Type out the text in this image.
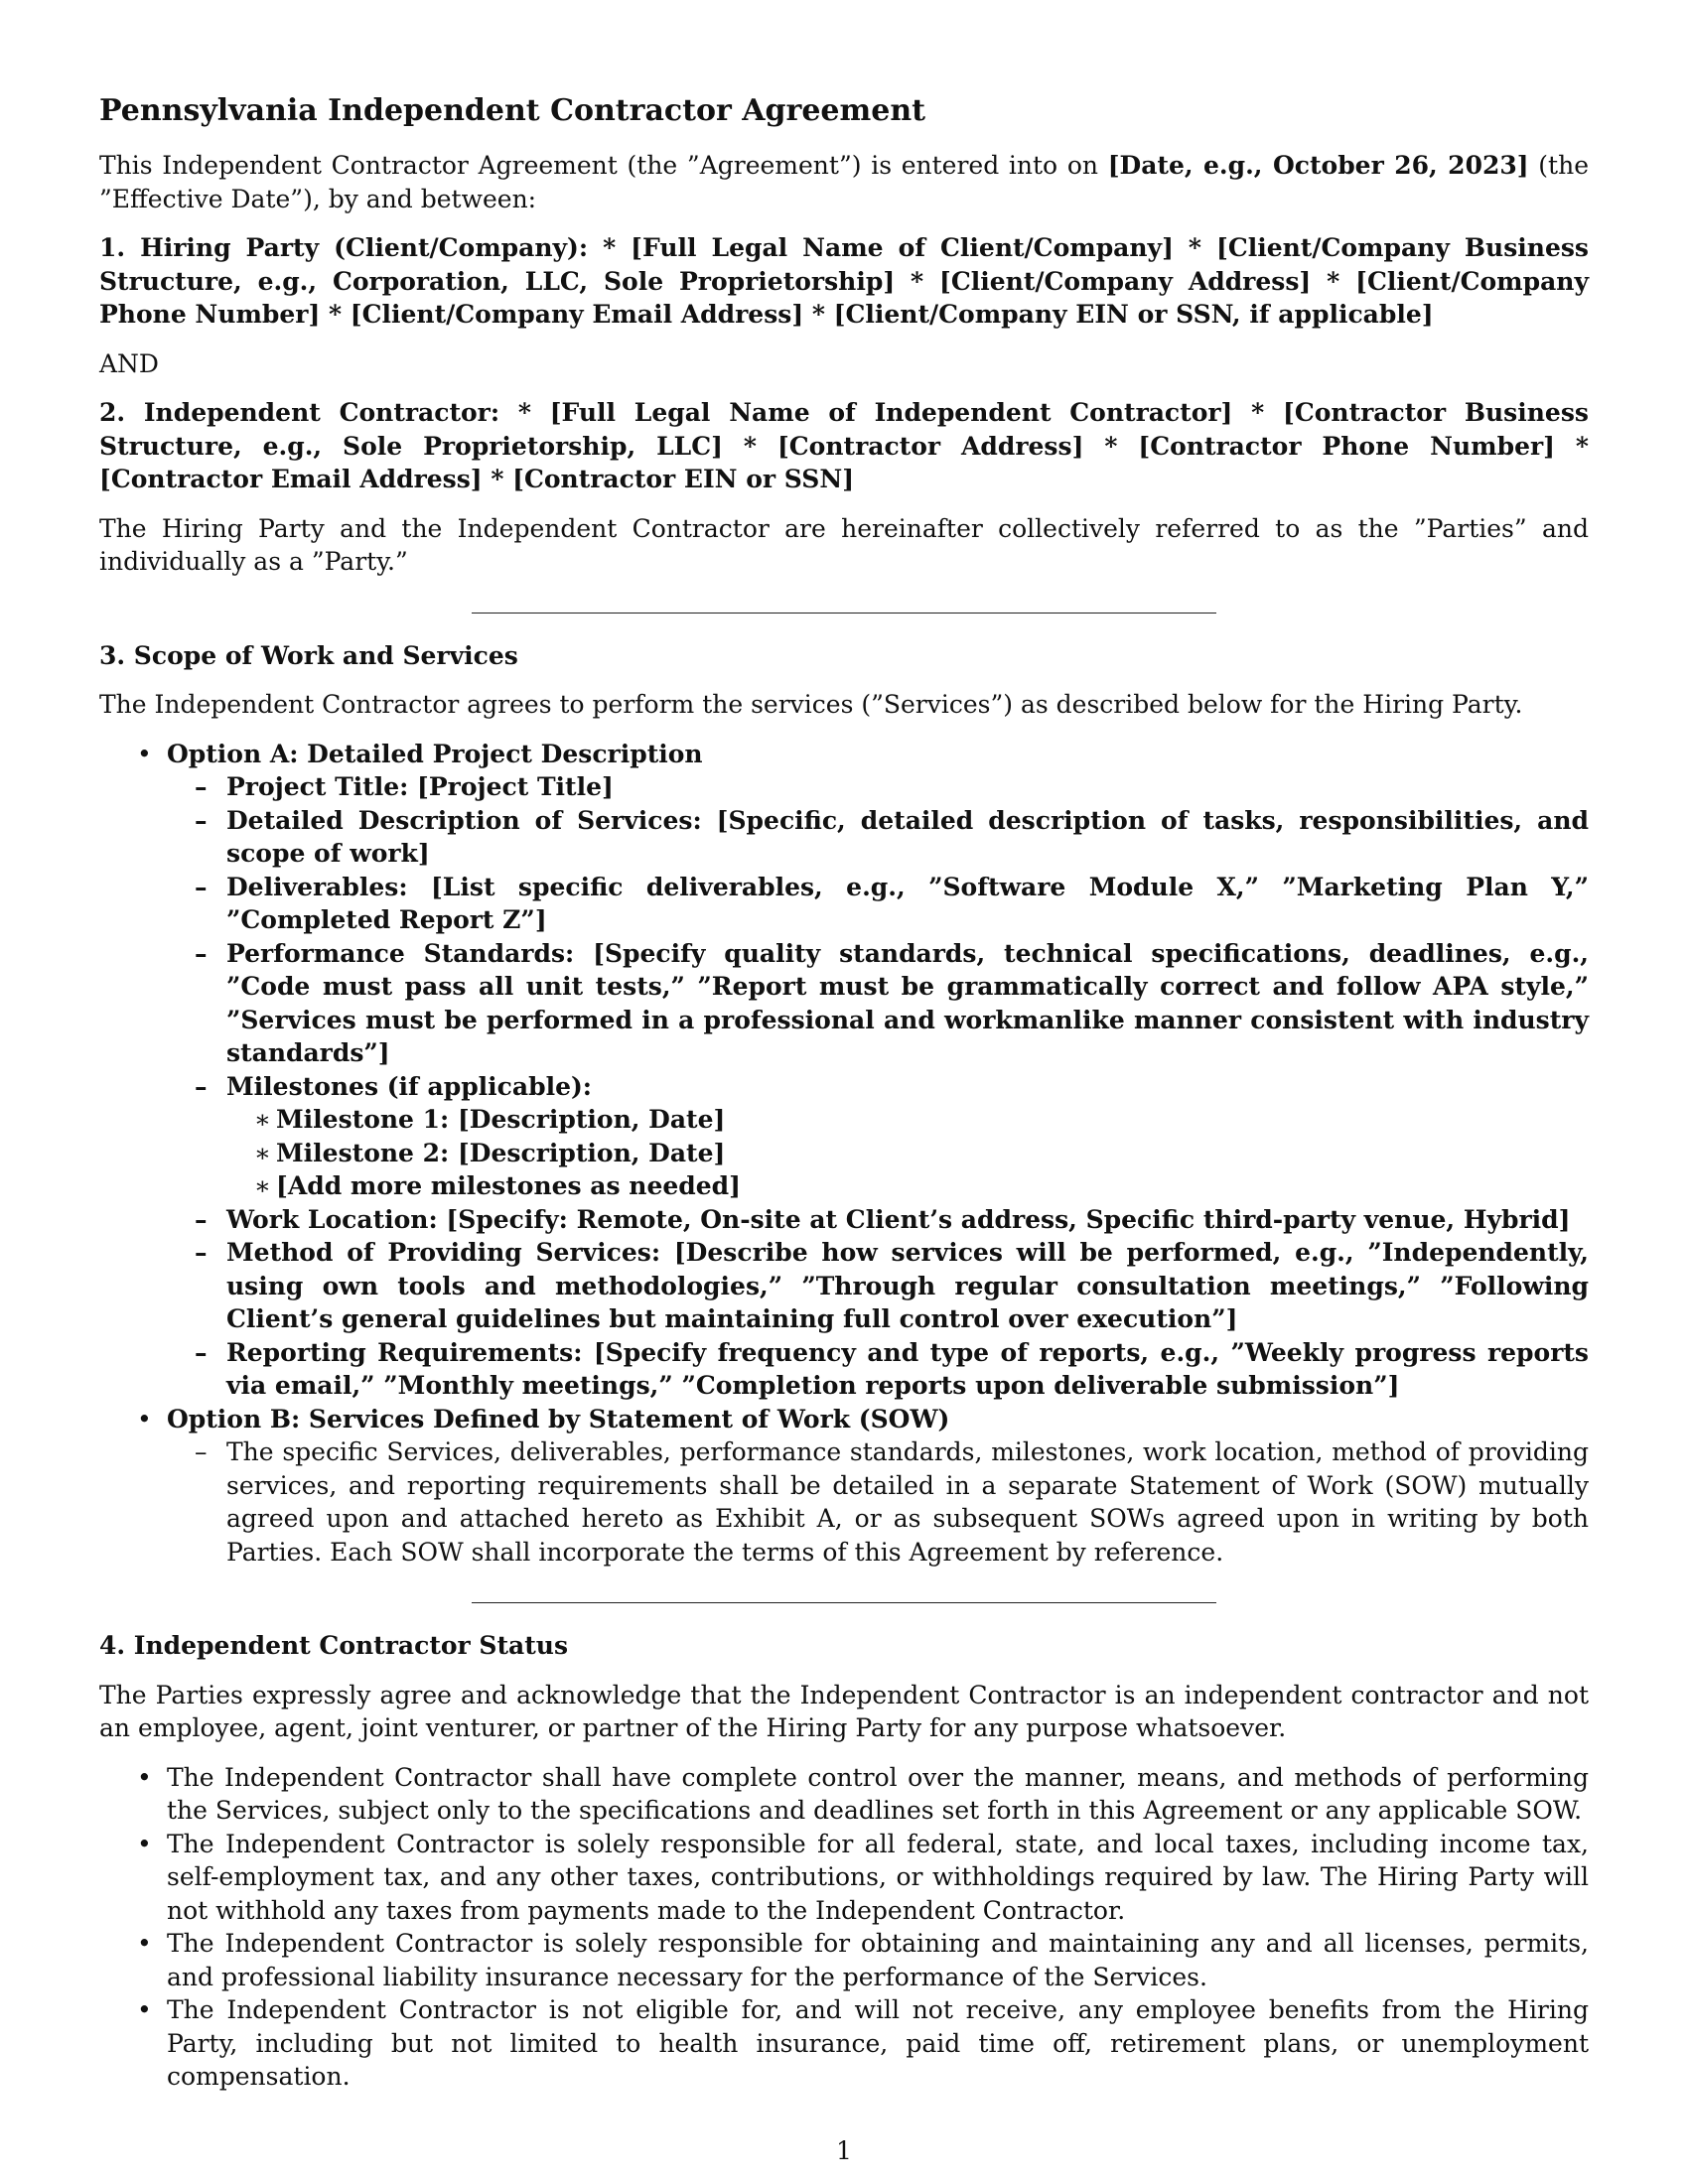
Pennsylvania Independent Contractor Agreement

This Independent Contractor Agreement (the ”Agreement”) is entered into on [Date, e.g., October 26, 2023] (the ”Effective Date”), by and between:

1. Hiring Party (Client/Company): * [Full Legal Name of Client/Company] * [Client/Company Business Structure, e.g., Corporation, LLC, Sole Proprietorship] * [Client/Company Address] * [Client/Company Phone Number] * [Client/Company Email Address] * [Client/Company EIN or SSN, if applicable]

AND

2. Independent Contractor: * [Full Legal Name of Independent Contractor] * [Contractor Business Structure, e.g., Sole Proprietorship, LLC] * [Contractor Address] * [Contractor Phone Number] * [Contractor Email Address] * [Contractor EIN or SSN]

The Hiring Party and the Independent Contractor are hereinafter collectively referred to as the ”Parties” and individually as a ”Party.”

3. Scope of Work and Services

The Independent Contractor agrees to perform the services (”Services”) as described below for the Hiring Party.

• Option A: Detailed Project Description
– Project Title: [Project Title]
– Detailed Description of Services: [Specific, detailed description of tasks, responsibilities, and scope of work]
– Deliverables: [List specific deliverables, e.g., ”Software Module X,” ”Marketing Plan Y,” ”Completed Report Z”]
– Performance Standards: [Specify quality standards, technical specifications, deadlines, e.g., ”Code must pass all unit tests,” ”Report must be grammatically correct and follow APA style,” ”Services must be performed in a professional and workmanlike manner consistent with industry standards”]
– Milestones (if applicable):
∗ Milestone 1: [Description, Date]
∗ Milestone 2: [Description, Date]
∗ [Add more milestones as needed]
– Work Location: [Specify: Remote, On-site at Client’s address, Specific third-party venue, Hybrid]
– Method of Providing Services: [Describe how services will be performed, e.g., ”Independently, using own tools and methodologies,” ”Through regular consultation meetings,” ”Following Client’s general guidelines but maintaining full control over execution”]
– Reporting Requirements: [Specify frequency and type of reports, e.g., ”Weekly progress reports via email,” ”Monthly meetings,” ”Completion reports upon deliverable submission”]
• Option B: Services Defined by Statement of Work (SOW)
– The specific Services, deliverables, performance standards, milestones, work location, method of providing services, and reporting requirements shall be detailed in a separate Statement of Work (SOW) mutually agreed upon and attached hereto as Exhibit A, or as subsequent SOWs agreed upon in writing by both Parties. Each SOW shall incorporate the terms of this Agreement by reference.

4. Independent Contractor Status

The Parties expressly agree and acknowledge that the Independent Contractor is an independent contractor and not an employee, agent, joint venturer, or partner of the Hiring Party for any purpose whatsoever.

• The Independent Contractor shall have complete control over the manner, means, and methods of performing the Services, subject only to the specifications and deadlines set forth in this Agreement or any applicable SOW.
• The Independent Contractor is solely responsible for all federal, state, and local taxes, including income tax, self-employment tax, and any other taxes, contributions, or withholdings required by law. The Hiring Party will not withhold any taxes from payments made to the Independent Contractor.
• The Independent Contractor is solely responsible for obtaining and maintaining any and all licenses, permits, and professional liability insurance necessary for the performance of the Services.
• The Independent Contractor is not eligible for, and will not receive, any employee benefits from the Hiring Party, including but not limited to health insurance, paid time off, retirement plans, or unemployment compensation.
1
